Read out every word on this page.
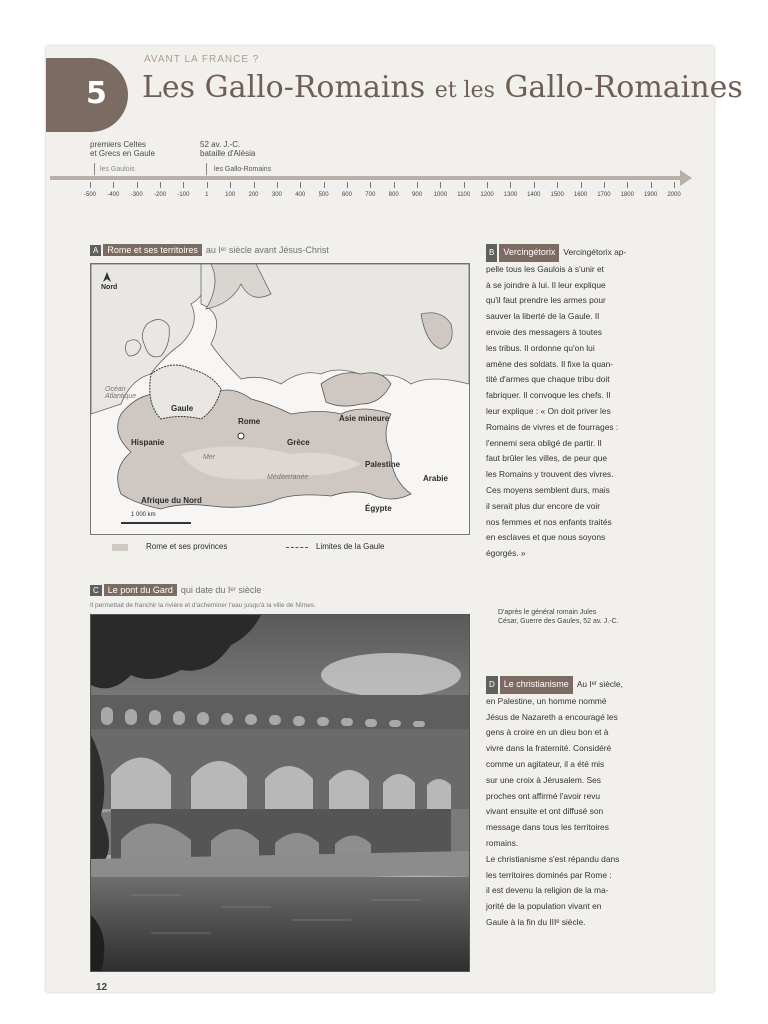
5
AVANT LA FRANCE ?
Les Gallo-Romains et les Gallo-Romaines
premiers Celtes
et Grecs en Gaule
52 av. J.-C.
bataille d'Alésia
les Gaulois	les Gallo-Romains
-500	-400	-300	-200	-100	1	100	200	300	400	500	600	700	800	900	1000	1100	1200	1300	1400	1500	1600	1700	1800	1900	2000
A Rome et ses territoires au Iᵉʳ siècle avant Jésus-Christ
Nord
Océan
Atlantique
Gaule
Rome
Hispanie	Grèce
Asie mineure
Mer
Méditerranée
Palestine
Arabie
Afrique du Nord
Égypte
1 000 km
Rome et ses provinces	Limites de la Gaule
B Vercingétorix Vercingétorix ap-
pelle tous les Gaulois à s'unir et
à se joindre à lui. Il leur explique
qu'il faut prendre les armes pour
sauver la liberté de la Gaule. Il
envoie des messagers à toutes
les tribus. Il ordonne qu'on lui
amène des soldats. Il fixe la quan-
tité d'armes que chaque tribu doit
fabriquer. Il convoque les chefs. Il
leur explique : « On doit priver les
Romains de vivres et de fourrages :
l'ennemi sera obligé de partir. Il
faut brûler les villes, de peur que
les Romains y trouvent des vivres.
Ces moyens semblent durs, mais
il serait plus dur encore de voir
nos femmes et nos enfants traités
en esclaves et que nous soyons
égorgés. »
D'après le général romain Jules
César, Guerre des Gaules, 52 av. J.-C.
C Le pont du Gard qui date du Iᵉʳ siècle
Il permettait de franchir la rivière et d'acheminer l'eau jusqu'à la ville de Nîmes.
D Le christianisme Au Iᵉʳ siècle,
en Palestine, un homme nommé
Jésus de Nazareth a encouragé les
gens à croire en un dieu bon et à
vivre dans la fraternité. Considéré
comme un agitateur, il a été mis
sur une croix à Jérusalem. Ses
proches ont affirmé l'avoir revu
vivant ensuite et ont diffusé son
message dans tous les territoires
romains.
Le christianisme s'est répandu dans
les territoires dominés par Rome :
il est devenu la religion de la ma-
jorité de la population vivant en
Gaule à la fin du IIIᵉ siècle.
12
